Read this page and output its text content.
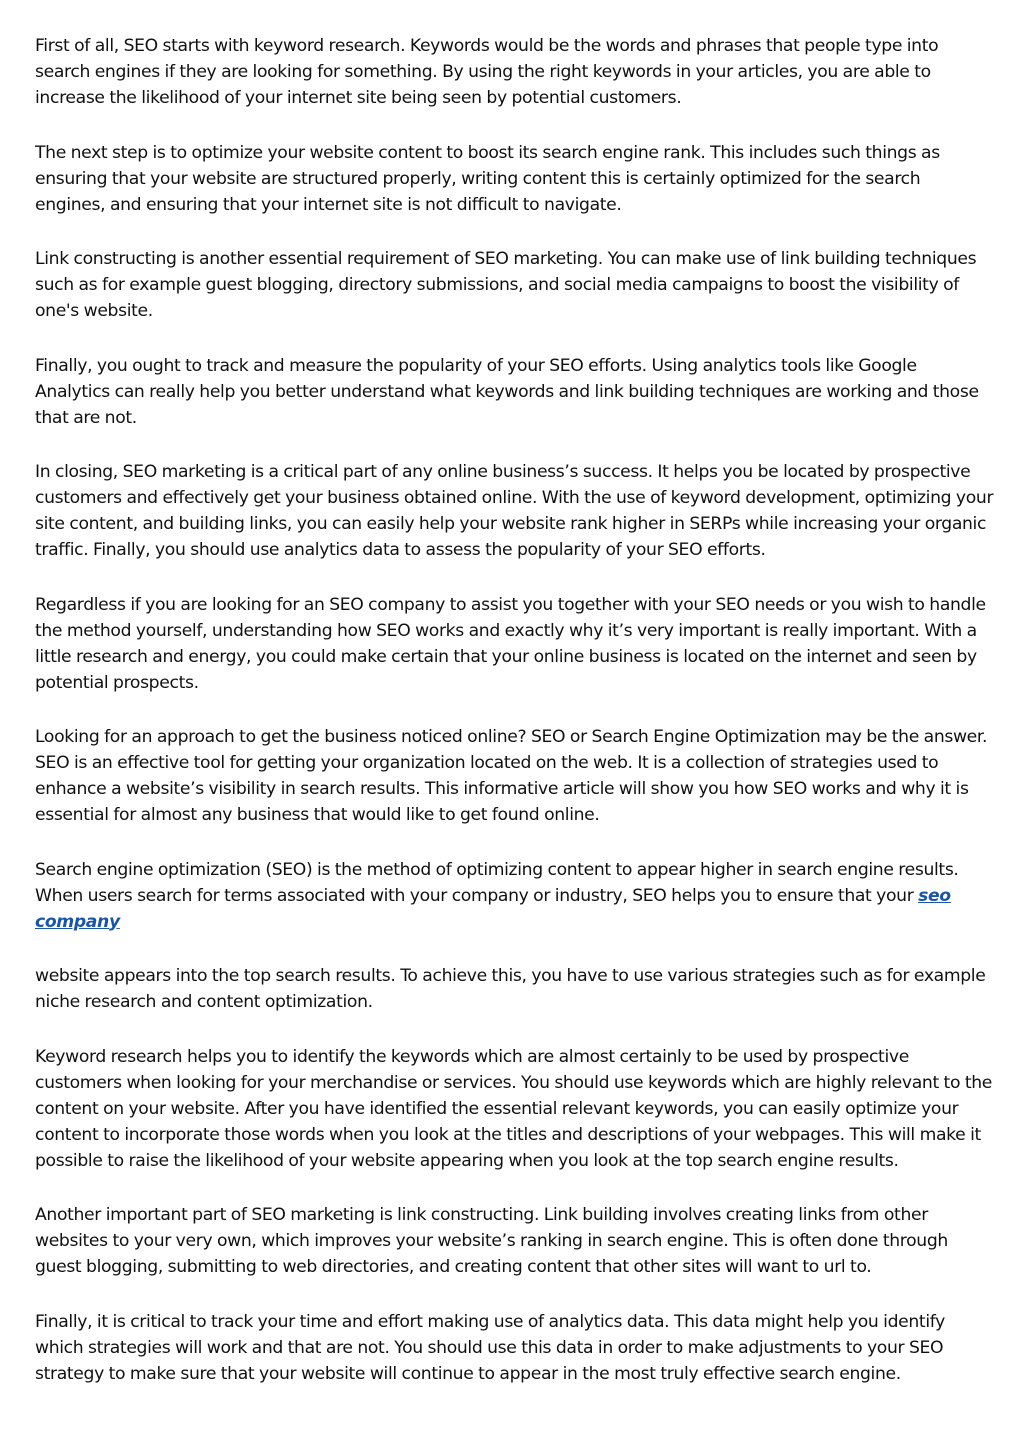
First of all, SEO starts with keyword research. Keywords would be the words and phrases that people type into search engines if they are looking for something. By using the right keywords in your articles, you are able to increase the likelihood of your internet site being seen by potential customers.

The next step is to optimize your website content to boost its search engine rank. This includes such things as ensuring that your website are structured properly, writing content this is certainly optimized for the search engines, and ensuring that your internet site is not difficult to navigate.

Link constructing is another essential requirement of SEO marketing. You can make use of link building techniques such as for example guest blogging, directory submissions, and social media campaigns to boost the visibility of one's website.

Finally, you ought to track and measure the popularity of your SEO efforts. Using analytics tools like Google Analytics can really help you better understand what keywords and link building techniques are working and those that are not.

In closing, SEO marketing is a critical part of any online business’s success. It helps you be located by prospective customers and effectively get your business obtained online. With the use of keyword development, optimizing your site content, and building links, you can easily help your website rank higher in SERPs while increasing your organic traffic. Finally, you should use analytics data to assess the popularity of your SEO efforts.

Regardless if you are looking for an SEO company to assist you together with your SEO needs or you wish to handle the method yourself, understanding how SEO works and exactly why it’s very important is really important. With a little research and energy, you could make certain that your online business is located on the internet and seen by potential prospects.

Looking for an approach to get the business noticed online? SEO or Search Engine Optimization may be the answer. SEO is an effective tool for getting your organization located on the web. It is a collection of strategies used to enhance a website’s visibility in search results. This informative article will show you how SEO works and why it is essential for almost any business that would like to get found online.

Search engine optimization (SEO) is the method of optimizing content to appear higher in search engine results. When users search for terms associated with your company or industry, SEO helps you to ensure that your seo company

website appears into the top search results. To achieve this, you have to use various strategies such as for example niche research and content optimization.

Keyword research helps you to identify the keywords which are almost certainly to be used by prospective customers when looking for your merchandise or services. You should use keywords which are highly relevant to the content on your website. After you have identified the essential relevant keywords, you can easily optimize your content to incorporate those words when you look at the titles and descriptions of your webpages. This will make it possible to raise the likelihood of your website appearing when you look at the top search engine results.

Another important part of SEO marketing is link constructing. Link building involves creating links from other websites to your very own, which improves your website’s ranking in search engine. This is often done through guest blogging, submitting to web directories, and creating content that other sites will want to url to.

Finally, it is critical to track your time and effort making use of analytics data. This data might help you identify which strategies will work and that are not. You should use this data in order to make adjustments to your SEO strategy to make sure that your website will continue to appear in the most truly effective search engine.
